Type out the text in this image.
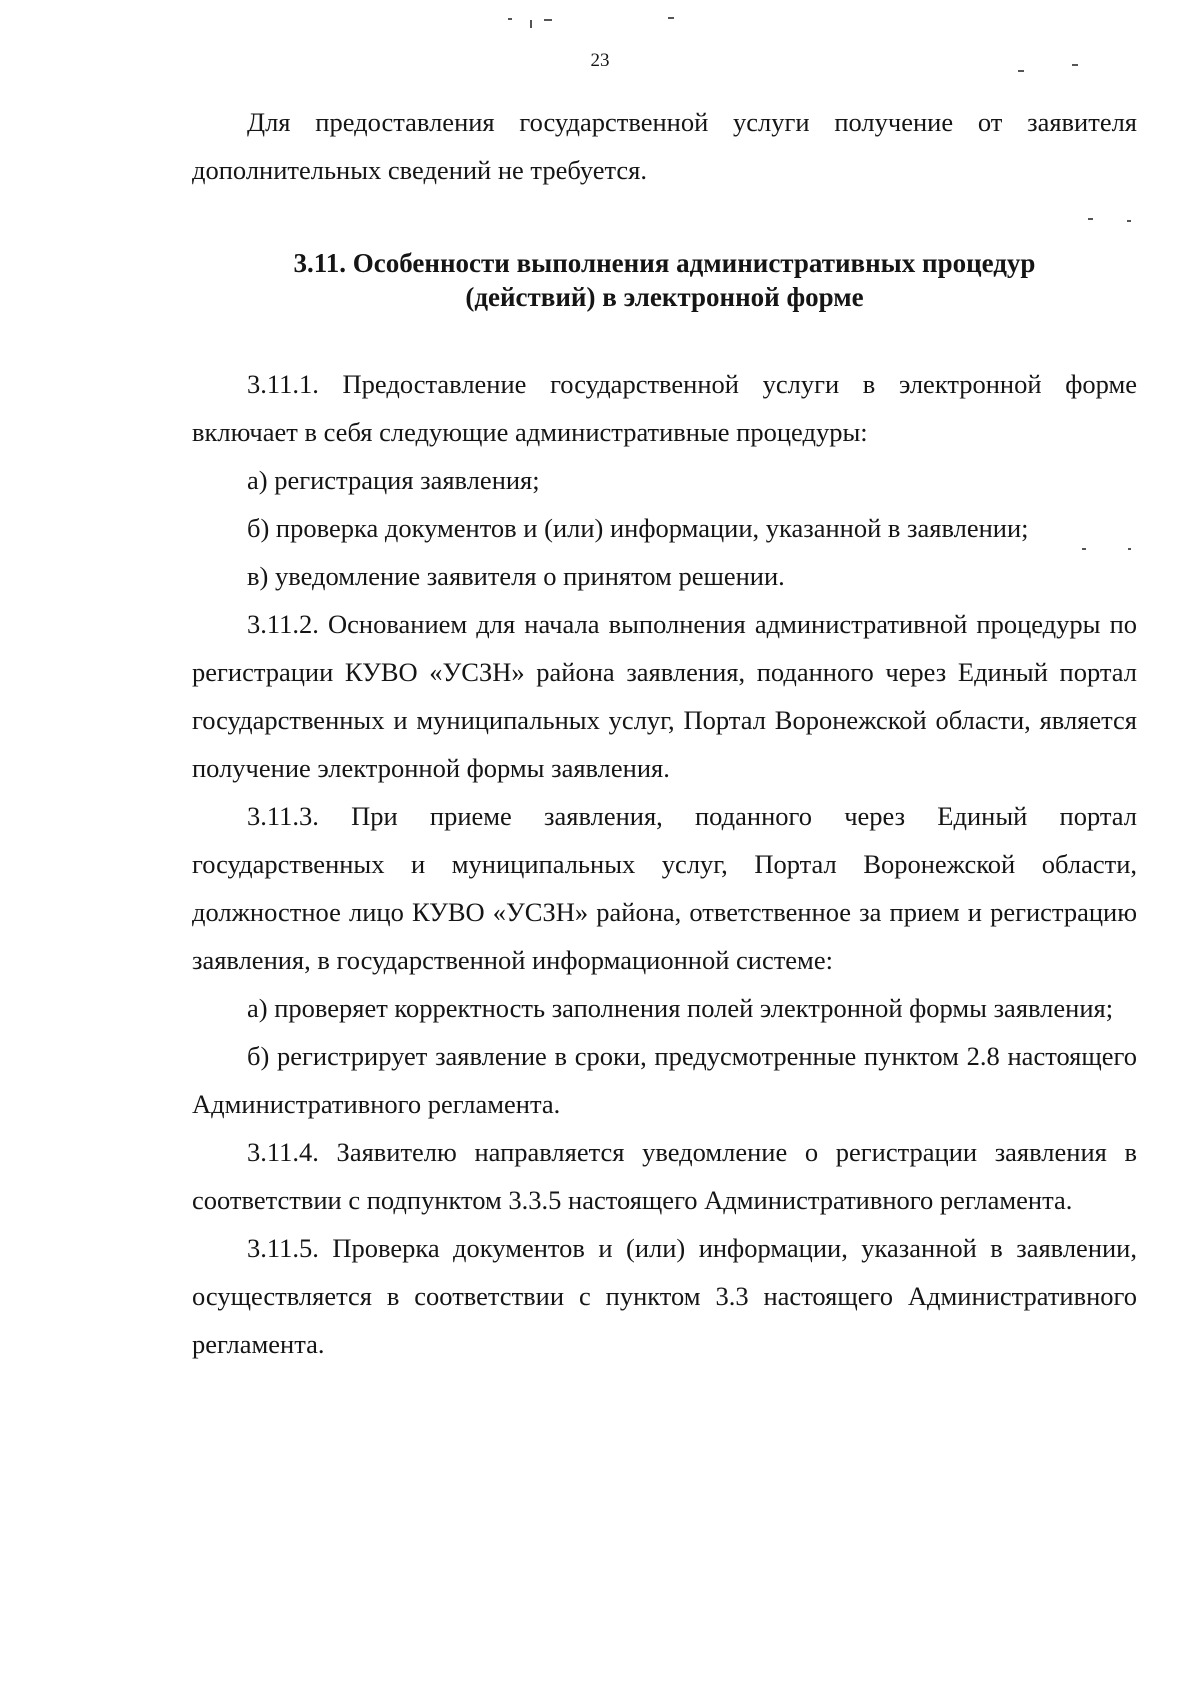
23

Для предоставления государственной услуги получение от заявителя дополнительных сведений не требуется.

3.11. Особенности выполнения административных процедур
(действий) в электронной форме

3.11.1. Предоставление государственной услуги в электронной форме включает в себя следующие административные процедуры:

а) регистрация заявления;

б) проверка документов и (или) информации, указанной в заявлении;

в) уведомление заявителя о принятом решении.

3.11.2. Основанием для начала выполнения административной процедуры по регистрации КУВО «УСЗН» района заявления, поданного через Единый портал государственных и муниципальных услуг, Портал Воронежской области, является получение электронной формы заявления.

3.11.3. При приеме заявления, поданного через Единый портал государственных и муниципальных услуг, Портал Воронежской области, должностное лицо КУВО «УСЗН» района, ответственное за прием и регистрацию заявления, в государственной информационной системе:

а) проверяет корректность заполнения полей электронной формы заявления;

б) регистрирует заявление в сроки, предусмотренные пунктом 2.8 настоящего Административного регламента.

3.11.4. Заявителю направляется уведомление о регистрации заявления в соответствии с подпунктом 3.3.5 настоящего Административного регламента.

3.11.5. Проверка документов и (или) информации, указанной в заявлении, осуществляется в соответствии с пунктом 3.3 настоящего Административного регламента.
